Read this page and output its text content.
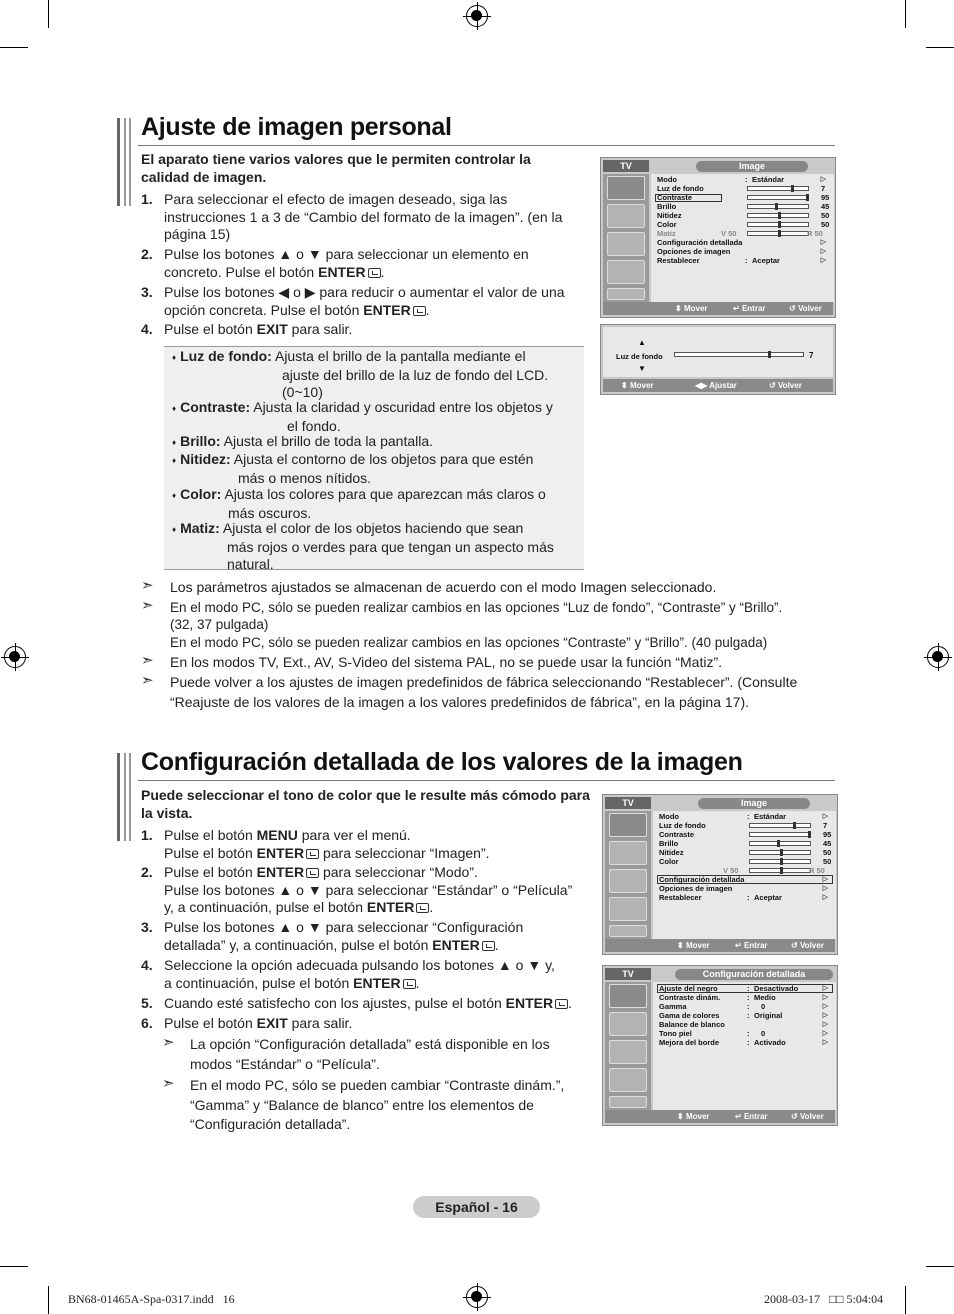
Ajuste de imagen personal
El aparato tiene varios valores que le permiten controlar la calidad de imagen.
1. Para seleccionar el efecto de imagen deseado, siga las
instrucciones 1 a 3 de “Cambio del formato de la imagen”. (en la
página 15)
2. Pulse los botones ▲ o ▼ para seleccionar un elemento en
concreto. Pulse el botón ENTER .
3. Pulse los botones ◀ o ▶ para reducir o aumentar el valor de una
opción concreta. Pulse el botón ENTER .
4. Pulse el botón EXIT para salir.
♦ Luz de fondo: Ajusta el brillo de la pantalla mediante el
ajuste del brillo de la luz de fondo del LCD.
(0~10)
♦ Contraste: Ajusta la claridad y oscuridad entre los objetos y
el fondo.
♦ Brillo: Ajusta el brillo de toda la pantalla.
♦ Nitidez: Ajusta el contorno de los objetos para que estén
más o menos nítidos.
♦ Color: Ajusta los colores para que aparezcan más claros o
más oscuros.
♦ Matiz: Ajusta el color de los objetos haciendo que sean
más rojos o verdes para que tengan un aspecto más
natural.
➣ Los parámetros ajustados se almacenan de acuerdo con el modo Imagen seleccionado.
➣ En el modo PC, sólo se pueden realizar cambios en las opciones “Luz de fondo”, “Contraste” y “Brillo”.
(32, 37 pulgada)
En el modo PC, sólo se pueden realizar cambios en las opciones “Contraste” y “Brillo”. (40 pulgada)
➣ En los modos TV, Ext., AV, S-Video del sistema PAL, no se puede usar la función “Matiz”.
➣ Puede volver a los ajustes de imagen predefinidos de fábrica seleccionando “Restablecer”. (Consulte
“Reajuste de los valores de la imagen a los valores predefinidos de fábrica”, en la página 17).
TV	Image
Modo	: Estándar	▷
Luz de fondo	7
Contraste	95
Brillo	45
Nitidez	50
Color	50
Matiz	V 50	R 50
Configuración detallada	▷
Opciones de imagen	▷
Restablecer	: Aceptar	▷
⬍ Mover	↵ Entrar	↺ Volver
▲
Luz de fondo	7
▼
⬍ Mover	◀▶ Ajustar	↺ Volver
Configuración detallada de los valores de la imagen
Puede seleccionar el tono de color que le resulte más cómodo para la vista.
1. Pulse el botón MENU para ver el menú.
Pulse el botón ENTER para seleccionar “Imagen”.
2. Pulse el botón ENTER para seleccionar “Modo”.
Pulse los botones ▲ o ▼ para seleccionar “Estándar” o “Película”
y, a continuación, pulse el botón ENTER .
3. Pulse los botones ▲ o ▼ para seleccionar “Configuración
detallada” y, a continuación, pulse el botón ENTER .
4. Seleccione la opción adecuada pulsando los botones ▲ o ▼ y,
a continuación, pulse el botón ENTER .
5. Cuando esté satisfecho con los ajustes, pulse el botón ENTER .
6. Pulse el botón EXIT para salir.
➣ La opción “Configuración detallada” está disponible en los
modos “Estándar” o “Película”.
➣ En el modo PC, sólo se pueden cambiar “Contraste dinám.”,
“Gamma” y “Balance de blanco” entre los elementos de
“Configuración detallada”.
TV	Image
Modo	: Estándar	▷
Luz de fondo	7
Contraste	95
Brillo	45
Nitidez	50
Color	50
V 50	R 50
Configuración detallada	▷
Opciones de imagen	▷
Restablecer	: Aceptar	▷
⬍ Mover	↵ Entrar	↺ Volver
TV	Configuración detallada
Ajuste del negro	: Desactivado	▷
Contraste dinám.	: Medio	▷
Gamma	: 0	▷
Gama de colores	: Original	▷
Balance de blanco	▷
Tono piel	: 0	▷
Mejora del borde	: Activado	▷
⬍ Mover	↵ Entrar	↺ Volver
Español - 16
BN68-01465A-Spa-0317.indd 16	2008-03-17 □□ 5:04:04
